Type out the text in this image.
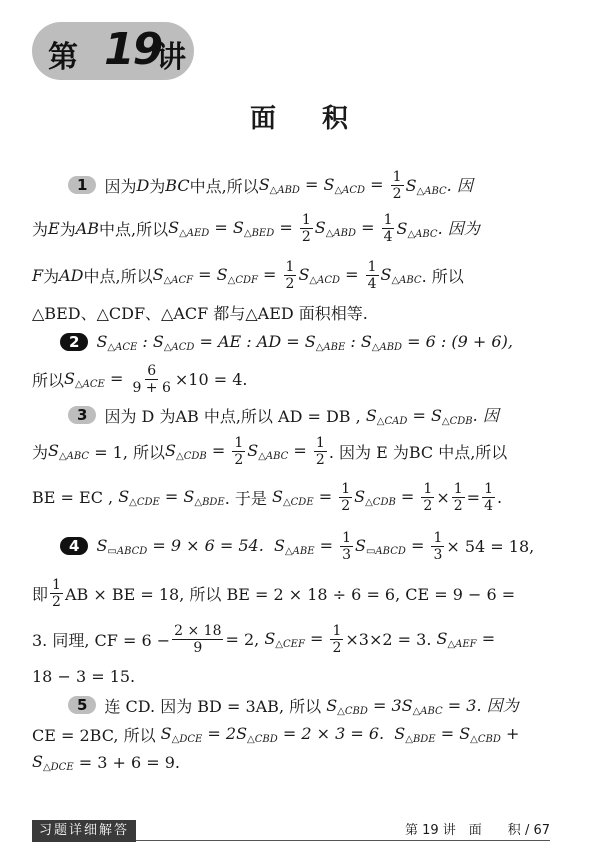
第 19
讲
面 积
1	因为 D 为 BC 中点,所以 $S_{\triangle ABD} = S_{\triangle ACD} = \frac{1}{2} S_{\triangle ABC}$. 因
为 E 为 AB 中点,所以 $S_{\triangle AED} = S_{\triangle BED} = \frac{1}{2} S_{\triangle ABD} = \frac{1}{4} S_{\triangle ABC}$. 因为
F 为 AD 中点,所以 $S_{\triangle ACF} = S_{\triangle CDF} = \frac{1}{2} S_{\triangle ACD} = \frac{1}{4} S_{\triangle ABC}$ . 所以
△BED、△CDF、△ACF 都与△AED 面积相等.
2	$S_{\triangle ACE}$ : $S_{\triangle ACD}$ = AE : AD = $S_{\triangle ABE}$ : $S_{\triangle ABD} = 6$ : (9 + 6),
所以 $S_{\triangle ACE} = \frac{6}{9 + 6} \times 10 = 4$.
3	因为 D 为AB 中点,所以 AD = DB , $S_{\triangle CAD} = S_{\triangle CDB}$. 因
为 $S_{\triangle ABC} = 1$, 所以 $S_{\triangle CDB} = \frac{1}{2} S_{\triangle ABC} = \frac{1}{2}$ . 因为 E 为BC 中点,所以
BE = EC , $S_{\triangle CDE} = S_{\triangle BDE}$ . 于是 $S_{\triangle CDE} = \frac{1}{2} S_{\triangle CDB} = \frac{1}{2} \times \frac{1}{2} = \frac{1}{4}$ .
4	$S_{▭ABCD} = 9 \times 6 = 54$.  $S_{\triangle ABE} = \frac{1}{3} S_{▭ABCD} = \frac{1}{3} \times 54 = 18$,
即 $\frac{1}{2}$ AB × BE = 18, 所以 BE = 2 × 18 ÷ 6 = 6, CE = 9 − 6 =
3. 同理, CF = $6 - \frac{2 \times 18}{9} = 2$, $S_{\triangle CEF} = \frac{1}{2} \times 3\times 2 = 3$. $S_{\triangle AEF}$ =
18 − 3 = 15.
5	连 CD. 因为 BD = 3AB, 所以 $S_{\triangle CBD} = 3S_{\triangle ABC} = 3$. 因为
CE = 2BC, 所以 $S_{\triangle DCE} = 2S_{\triangle CBD} = 2 \times 3 = 6$.  $S_{\triangle BDE} = S_{\triangle CBD}$ +
$S_{\triangle DCE} = 3 + 6 = 9$.
习题详细解答	第 19 讲　面　　积 / 67
